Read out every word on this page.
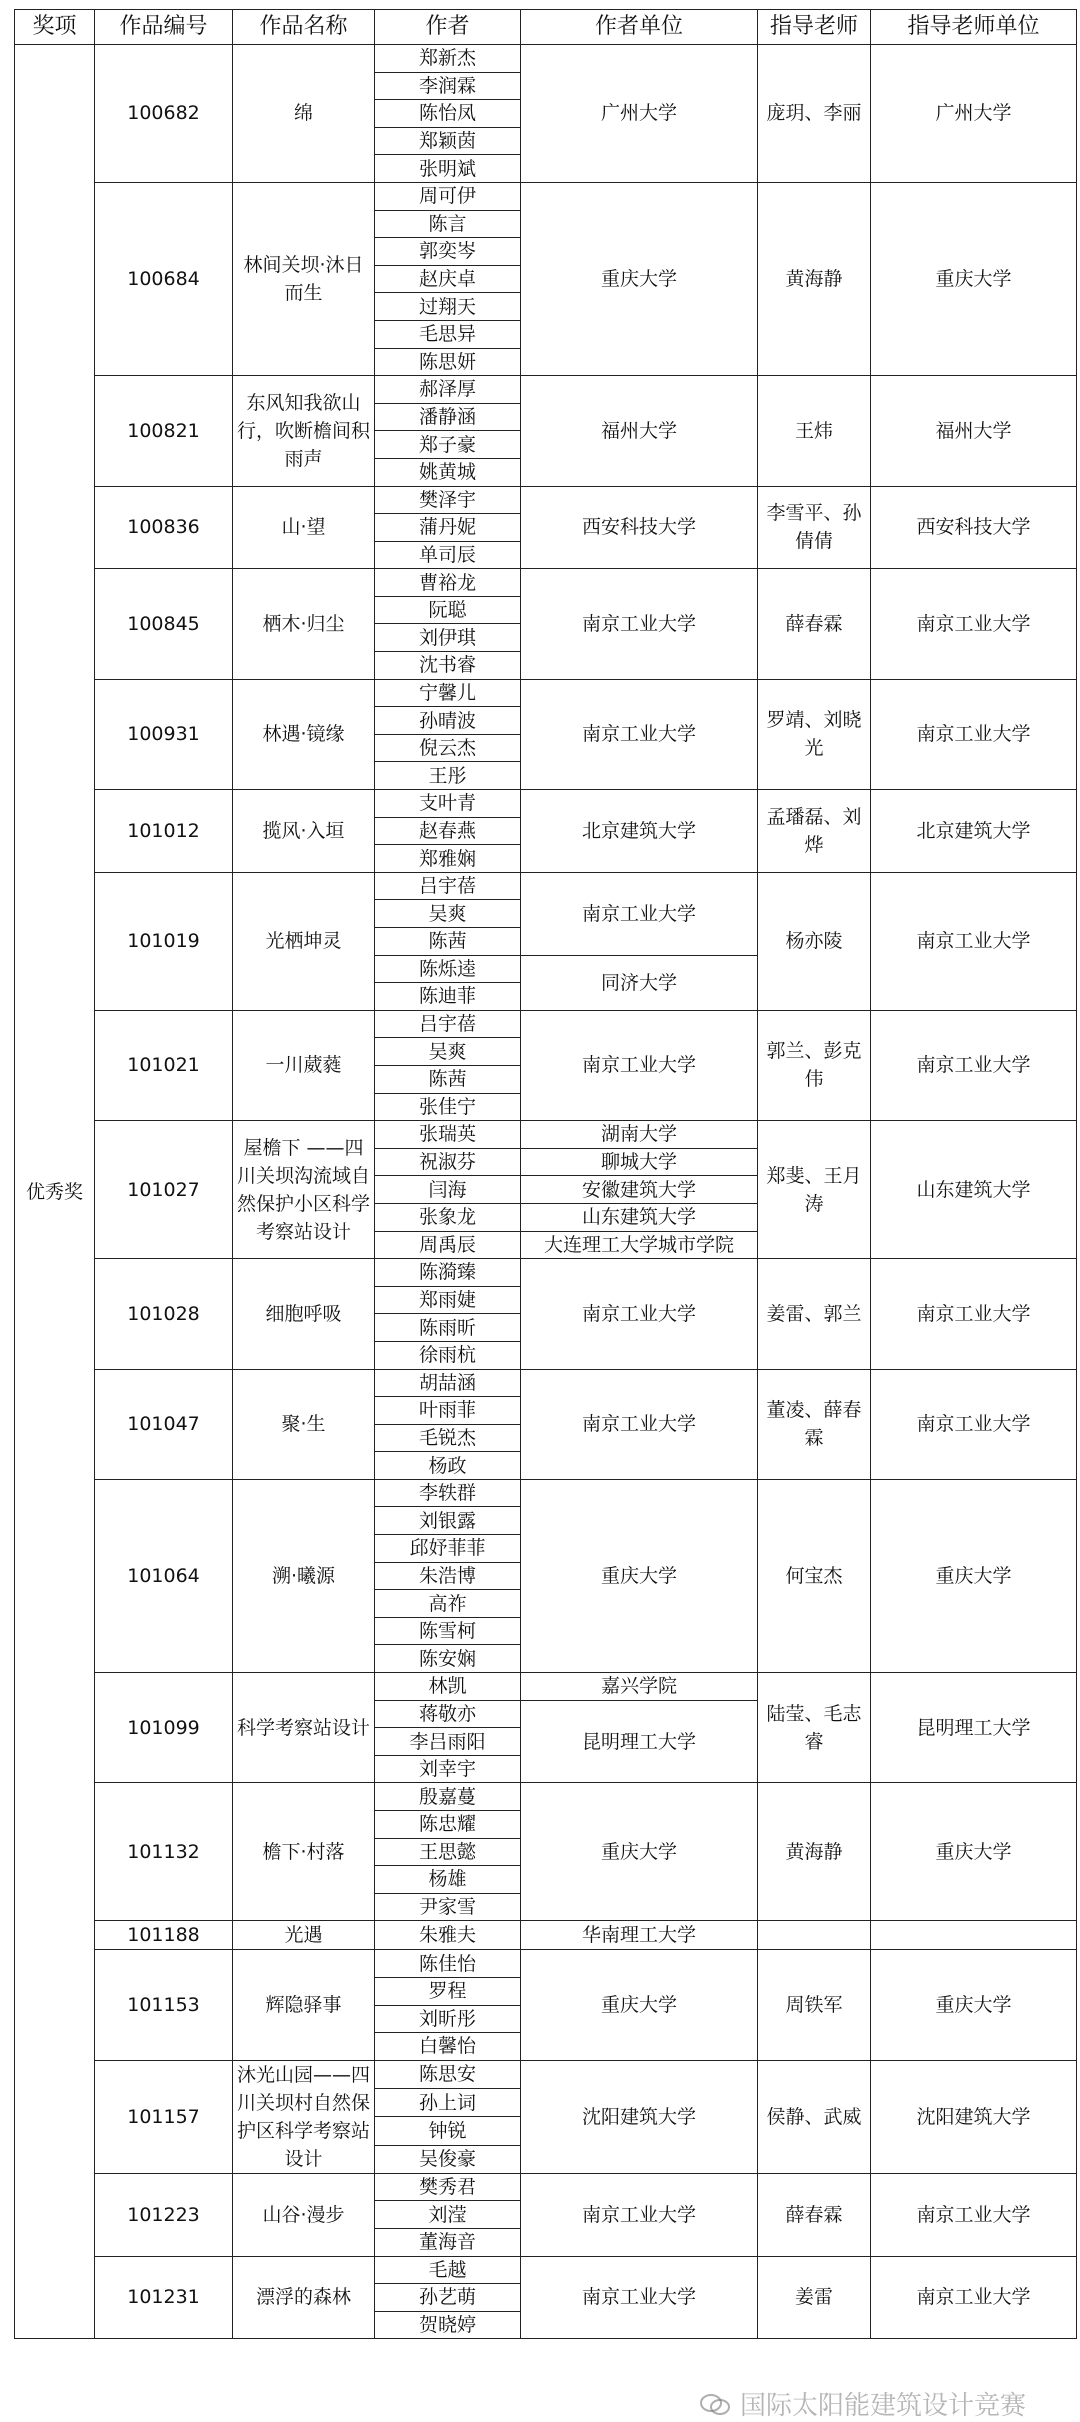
奖项	作品编号	作品名称	作者	作者单位	指导老师	指导老师单位
优秀奖	100682	绵	郑新杰	广州大学	庞玥、李丽	广州大学
			李润霖			
			陈怡凤			
			郑颖茵			
			张明斌			
	100684	林间关坝·沐日而生	周可伊	重庆大学	黄海静	重庆大学
			陈言			
			郭奕岑			
			赵庆卓			
			过翔天			
			毛思异			
			陈思妍			
	100821	东风知我欲山行，吹断檐间积雨声	郝泽厚	福州大学	王炜	福州大学
			潘静涵			
			郑子豪			
			姚黄城			
	100836	山·望	樊泽宇	西安科技大学	李雪平、孙倩倩	西安科技大学
			蒲丹妮			
			单司辰			
	100845	栖木·归尘	曹裕龙	南京工业大学	薛春霖	南京工业大学
			阮聪			
			刘伊琪			
			沈书睿			
	100931	林遇·镜缘	宁馨儿	南京工业大学	罗靖、刘晓光	南京工业大学
			孙晴波			
			倪云杰			
			王彤			
	101012	揽风·入垣	支叶青	北京建筑大学	孟璠磊、刘烨	北京建筑大学
			赵春燕			
			郑雅娴			
	101019	光栖坤灵	吕宇蓓	南京工业大学	杨亦陵	南京工业大学
			吴爽			
			陈茜			
			陈烁逵	同济大学		
			陈迪菲			
	101021	一川葳蕤	吕宇蓓	南京工业大学	郭兰、彭克伟	南京工业大学
			吴爽			
			陈茜			
			张佳宁			
	101027	屋檐下 ——四川关坝沟流域自然保护小区科学考察站设计	张瑞英	湖南大学	郑斐、王月涛	山东建筑大学
			祝淑芬	聊城大学		
			闫海	安徽建筑大学		
			张象龙	山东建筑大学		
			周禹辰	大连理工大学城市学院		
	101028	细胞呼吸	陈漪臻	南京工业大学	姜雷、郭兰	南京工业大学
			郑雨婕			
			陈雨昕			
			徐雨杭			
	101047	聚·生	胡喆涵	南京工业大学	董凌、薛春霖	南京工业大学
			叶雨菲			
			毛锐杰			
			杨政			
	101064	溯·曦源	李轶群	重庆大学	何宝杰	重庆大学
			刘银露			
			邱妤菲菲			
			朱浩博			
			高祚			
			陈雪柯			
			陈安娴			
	101099	科学考察站设计	林凯	嘉兴学院	陆莹、毛志睿	昆明理工大学
			蒋敬亦	昆明理工大学		
			李吕雨阳			
			刘幸宇			
	101132	檐下·村落	殷嘉蔓	重庆大学	黄海静	重庆大学
			陈忠耀			
			王思懿			
			杨雄			
			尹家雪			
	101188	光遇	朱雅夫	华南理工大学		
	101153	辉隐驿事	陈佳怡	重庆大学	周铁军	重庆大学
			罗程			
			刘昕彤			
			白馨怡			
	101157	沐光山园——四川关坝村自然保护区科学考察站设计	陈思安	沈阳建筑大学	侯静、武威	沈阳建筑大学
			孙上词			
			钟锐			
			吴俊豪			
	101223	山谷·漫步	樊秀君	南京工业大学	薛春霖	南京工业大学
			刘滢			
			董海音			
	101231	漂浮的森林	毛越	南京工业大学	姜雷	南京工业大学
			孙艺萌			
			贺晓婷			
国际太阳能建筑设计竞赛
